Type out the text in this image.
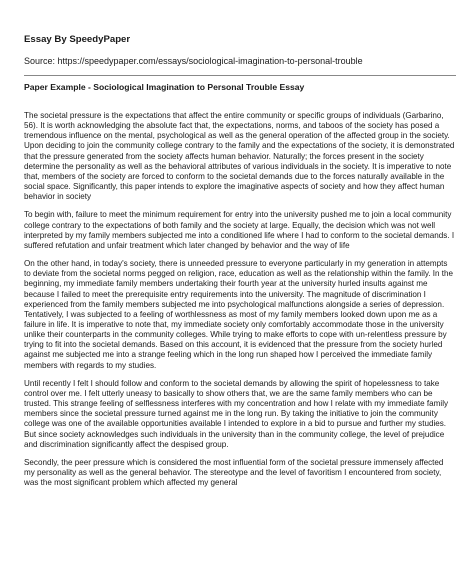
Essay By SpeedyPaper
Source: https://speedypaper.com/essays/sociological-imagination-to-personal-trouble
Paper Example - Sociological Imagination to Personal Trouble Essay

The societal pressure is the expectations that affect the entire community or specific groups of individuals (Garbarino, 56). It is worth acknowledging the absolute fact that, the expectations, norms, and taboos of the society has posed a tremendous influence on the mental, psychological as well as the general operation of the affected group in the society. Upon deciding to join the community college contrary to the family and the expectations of the society, it is demonstrated that the pressure generated from the society affects human behavior. Naturally; the forces present in the society determine the personality as well as the behavioral attributes of various individuals in the society. It is imperative to note that, members of the society are forced to conform to the societal demands due to the forces naturally available in the social space. Significantly, this paper intends to explore the imaginative aspects of society and how they affect human behavior in society

To begin with, failure to meet the minimum requirement for entry into the university pushed me to join a local community college contrary to the expectations of both family and the society at large. Equally, the decision which was not well interpreted by my family members subjected me into a conditioned life where I had to conform to the societal demands. I suffered refutation and unfair treatment which later changed by behavior and the way of life

On the other hand, in today's society, there is unneeded pressure to everyone particularly in my generation in attempts to deviate from the societal norms pegged on religion, race, education as well as the relationship within the family. In the beginning, my immediate family members undertaking their fourth year at the university hurled insults against me because I failed to meet the prerequisite entry requirements into the university. The magnitude of discrimination I experienced from the family members subjected me into psychological malfunctions alongside a series of depression. Tentatively, I was subjected to a feeling of worthlessness as most of my family members looked down upon me as a failure in life. It is imperative to note that, my immediate society only comfortably accommodate those in the university unlike their counterparts in the community colleges. While trying to make efforts to cope with un-relentless pressure by trying to fit into the societal demands. Based on this account, it is evidenced that the pressure from the society hurled against me subjected me into a strange feeling which in the long run shaped how I perceived the immediate family members with regards to my studies.

Until recently I felt I should follow and conform to the societal demands by allowing the spirit of hopelessness to take control over me. I felt utterly uneasy to basically to show others that, we are the same family members who can be trusted. This strange feeling of selflessness interferes with my concentration and how I relate with my immediate family members since the societal pressure turned against me in the long run. By taking the initiative to join the community college was one of the available opportunities available I intended to explore in a bid to pursue and further my studies. But since society acknowledges such individuals in the university than in the community college, the level of prejudice and discrimination significantly affect the despised group.

Secondly, the peer pressure which is considered the most influential form of the societal pressure immensely affected my personality as well as the general behavior. The stereotype and the level of favoritism I encountered from society, was the most significant problem which affected my general
